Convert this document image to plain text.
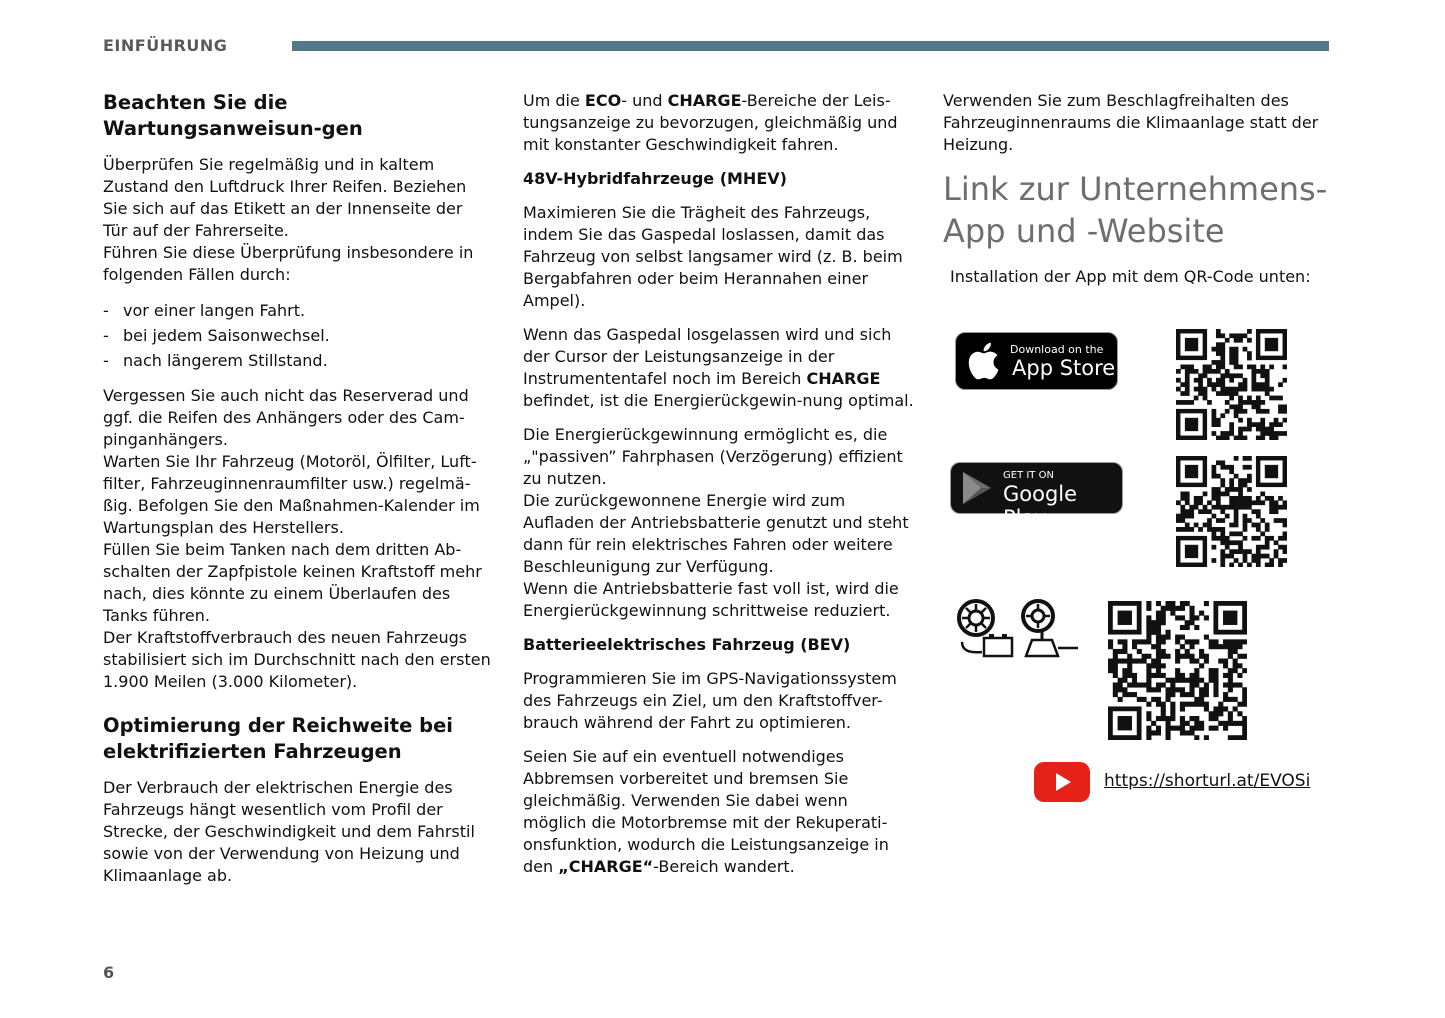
EINFÜHRUNG
Beachten Sie die Wartungsanweisun-gen

Überprüfen Sie regelmäßig und in kaltem Zustand den Luftdruck Ihrer Reifen. Beziehen Sie sich auf das Etikett an der Innenseite der Tür auf der Fahrerseite.
Führen Sie diese Überprüfung insbesondere in folgenden Fällen durch:

- vor einer langen Fahrt.
- bei jedem Saisonwechsel.
- nach längerem Stillstand.

Vergessen Sie auch nicht das Reserverad und ggf. die Reifen des Anhängers oder des Cam-pinganhängers.
Warten Sie Ihr Fahrzeug (Motoröl, Ölfilter, Luft-filter, Fahrzeuginnenraumfilter usw.) regelmä-ßig. Befolgen Sie den Maßnahmen-Kalender im Wartungsplan des Herstellers.
Füllen Sie beim Tanken nach dem dritten Ab-schalten der Zapfpistole keinen Kraftstoff mehr nach, dies könnte zu einem Überlaufen des Tanks führen.
Der Kraftstoffverbrauch des neuen Fahrzeugs stabilisiert sich im Durchschnitt nach den ersten 1.900 Meilen (3.000 Kilometer).

Optimierung der Reichweite bei elektrifizierten Fahrzeugen

Der Verbrauch der elektrischen Energie des Fahrzeugs hängt wesentlich vom Profil der Strecke, der Geschwindigkeit und dem Fahrstil sowie von der Verwendung von Heizung und Klimaanlage ab.

Um die ECO- und CHARGE-Bereiche der Leis-tungsanzeige zu bevorzugen, gleichmäßig und mit konstanter Geschwindigkeit fahren.

48V-Hybridfahrzeuge (MHEV)

Maximieren Sie die Trägheit des Fahrzeugs, indem Sie das Gaspedal loslassen, damit das Fahrzeug von selbst langsamer wird (z. B. beim Bergabfahren oder beim Herannahen einer Ampel).

Wenn das Gaspedal losgelassen wird und sich der Cursor der Leistungsanzeige in der Instrumententafel noch im Bereich CHARGE befindet, ist die Energierückgewin-nung optimal.

Die Energierückgewinnung ermöglicht es, die „"passiven” Fahrphasen (Verzögerung) effizient zu nutzen.
Die zurückgewonnene Energie wird zum Aufladen der Antriebsbatterie genutzt und steht dann für rein elektrisches Fahren oder weitere Beschleunigung zur Verfügung.
Wenn die Antriebsbatterie fast voll ist, wird die Energierückgewinnung schrittweise reduziert.

Batterieelektrisches Fahrzeug (BEV)

Programmieren Sie im GPS-Navigationssystem des Fahrzeugs ein Ziel, um den Kraftstoffver-brauch während der Fahrt zu optimieren.

Seien Sie auf ein eventuell notwendiges Abbremsen vorbereitet und bremsen Sie gleichmäßig. Verwenden Sie dabei wenn möglich die Motorbremse mit der Rekuperati-onsfunktion, wodurch die Leistungsanzeige in den „CHARGE“-Bereich wandert.

Verwenden Sie zum Beschlagfreihalten des Fahrzeuginnenraums die Klimaanlage statt der Heizung.

Link zur Unternehmens-App und -Website

Installation der App mit dem QR-Code unten:

Download on the
App Store
GET IT ON
Google Play
https://shorturl.at/EVOSi
6
